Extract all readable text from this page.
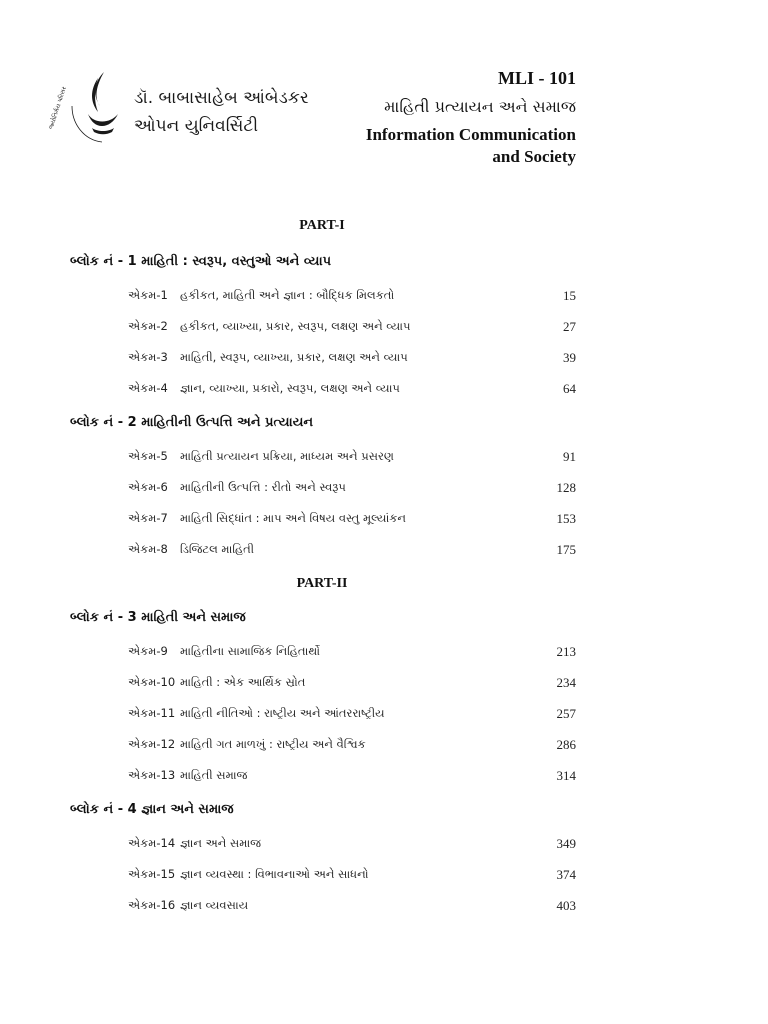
જ્યોતિર્મય પરિસર	ડૉ. બાબાસાહેબ આંબેડકર
ઓપન યુનિવર્સિટી
MLI - 101
માહિતી પ્રત્યાયન અને સમાજ
Information Communication
and Society
PART-I
બ્લોક નં - 1 માહિતી : સ્વરૂપ, વસ્તુઓ અને વ્યાપ
એકમ-1 હકીકત, માહિતી અને જ્ઞાન : બૌદ્ધિક મિલકતો	15
એકમ-2 હકીકત, વ્યાખ્યા, પ્રકાર, સ્વરૂપ, લક્ષણ અને વ્યાપ	27
એકમ-3 માહિતી, સ્વરૂપ, વ્યાખ્યા, પ્રકાર, લક્ષણ અને વ્યાપ	39
એકમ-4 જ્ઞાન, વ્યાખ્યા, પ્રકારો, સ્વરૂપ, લક્ષણ અને વ્યાપ	64
બ્લોક નં - 2 માહિતીની ઉત્પત્તિ અને પ્રત્યાયન
એકમ-5 માહિતી પ્રત્યાયન પ્રક્રિયા, માધ્યમ અને પ્રસરણ	91
એકમ-6 માહિતીની ઉત્પત્તિ : રીતો અને સ્વરૂપ	128
એકમ-7 માહિતી સિદ્ધાંત : માપ અને વિષય વસ્તુ મૂલ્યાંકન	153
એકમ-8 ડિજિટલ માહિતી	175
PART-II
બ્લોક નં - 3 માહિતી અને સમાજ
એકમ-9 માહિતીના સામાજિક નિહિતાર્થો	213
એકમ-10 માહિતી : એક આર્થિક સ્રોત	234
એકમ-11 માહિતી નીતિઓ : રાષ્ટ્રીય અને આંતરરાષ્ટ્રીય	257
એકમ-12 માહિતી ગત માળખું : રાષ્ટ્રીય અને વૈશ્વિક	286
એકમ-13 માહિતી સમાજ	314
બ્લોક નં - 4 જ્ઞાન અને સમાજ
એકમ-14 જ્ઞાન અને સમાજ	349
એકમ-15 જ્ઞાન વ્યવસ્થા : વિભાવનાઓ અને સાધનો	374
એકમ-16 જ્ઞાન વ્યવસાય	403
